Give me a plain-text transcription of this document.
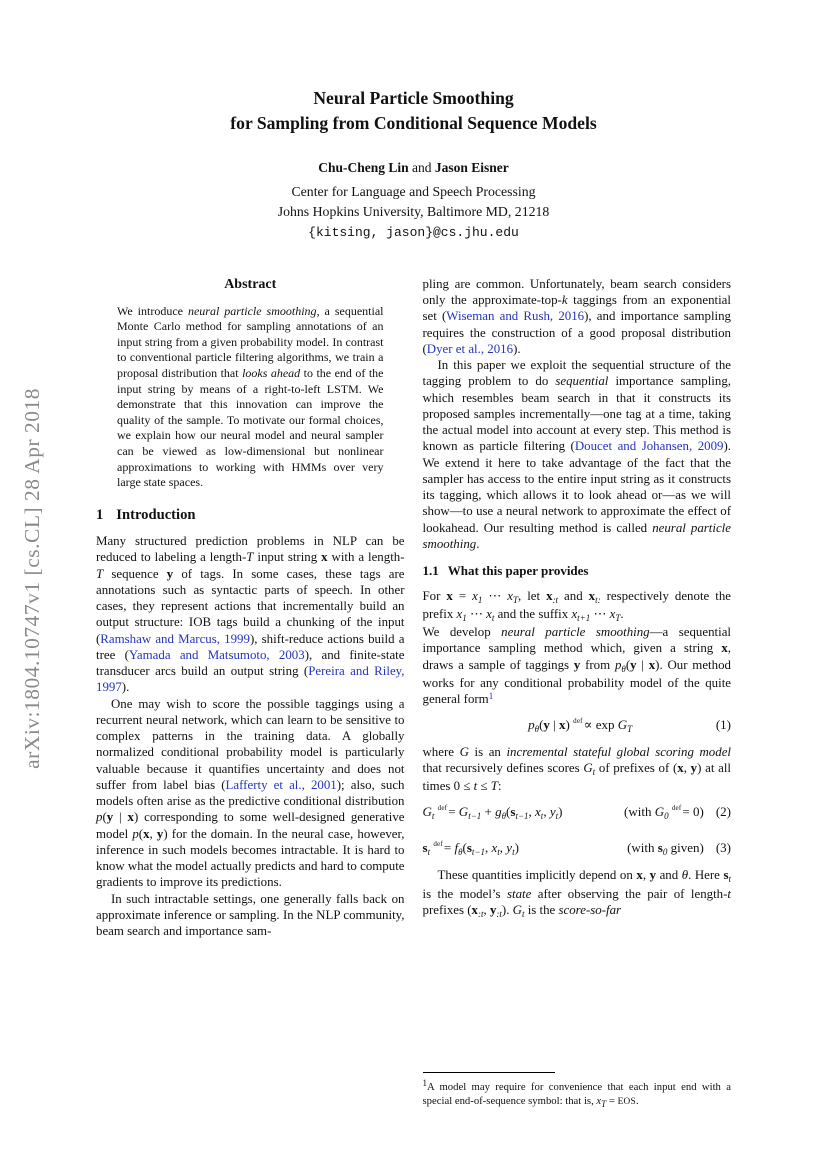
arXiv:1804.10747v1 [cs.CL] 28 Apr 2018
Neural Particle Smoothing
for Sampling from Conditional Sequence Models
Chu-Cheng Lin and Jason Eisner
Center for Language and Speech Processing
Johns Hopkins University, Baltimore MD, 21218
{kitsing, jason}@cs.jhu.edu
Abstract

We introduce neural particle smoothing, a sequential Monte Carlo method for sampling annotations of an input string from a given probability model. In contrast to conventional particle filtering algorithms, we train a proposal distribution that looks ahead to the end of the input string by means of a right-to-left LSTM. We demonstrate that this innovation can improve the quality of the sample. To motivate our formal choices, we explain how our neural model and neural sampler can be viewed as low-dimensional but nonlinear approximations to working with HMMs over very large state spaces.

1 Introduction

Many structured prediction problems in NLP can be reduced to labeling a length-T input string x with a length-T sequence y of tags. In some cases, these tags are annotations such as syntactic parts of speech. In other cases, they represent actions that incrementally build an output structure: IOB tags build a chunking of the input (Ramshaw and Marcus, 1999), shift-reduce actions build a tree (Yamada and Matsumoto, 2003), and finite-state transducer arcs build an output string (Pereira and Riley, 1997).

One may wish to score the possible taggings using a recurrent neural network, which can learn to be sensitive to complex patterns in the training data. A globally normalized conditional probability model is particularly valuable because it quantifies uncertainty and does not suffer from label bias (Lafferty et al., 2001); also, such models often arise as the predictive conditional distribution p(y | x) corresponding to some well-designed generative model p(x, y) for the domain. In the neural case, however, inference in such models becomes intractable. It is hard to know what the model actually predicts and hard to compute gradients to improve its predictions.

In such intractable settings, one generally falls back on approximate inference or sampling. In the NLP community, beam search and importance sam-

pling are common. Unfortunately, beam search considers only the approximate-top-k taggings from an exponential set (Wiseman and Rush, 2016), and importance sampling requires the construction of a good proposal distribution (Dyer et al., 2016).

In this paper we exploit the sequential structure of the tagging problem to do sequential importance sampling, which resembles beam search in that it constructs its proposed samples incrementally—one tag at a time, taking the actual model into account at every step. This method is known as particle filtering (Doucet and Johansen, 2009). We extend it here to take advantage of the fact that the sampler has access to the entire input string as it constructs its tagging, which allows it to look ahead or—as we will show—to use a neural network to approximate the effect of lookahead. Our resulting method is called neural particle smoothing.

1.1 What this paper provides

For $x = x_1$ ⋯ $x_T$, let $x_{:t}$ and $x_{t:}$ respectively denote the prefix $x_1$ ⋯ $x_t$ and the suffix $x_{t+1}$ ⋯ $x_T$.

We develop neural particle smoothing—a sequential importance sampling method which, given a string x, draws a sample of taggings y from $p_\theta(y$ | x). Our method works for any conditional probability model of the quite general form$^1$

$p_\theta(y$ | x) $^{def}\propto \exp G_T$	(1)

where G is an incremental stateful global scoring model that recursively defines scores $G_t$ of prefixes of (x, y) at all times 0 ≤ t ≤ T:

$G_t$ $^{def}= G_{t-1} + g_\theta(s_{t-1}$, $x_t$, $y_t$)	(with $G_0$ $^{def}$= 0) (2)
$s_t$ $^{def}= f_\theta(s_{t-1}$, $x_t$, $y_t$)	(with $s_0$ given) (3)

These quantities implicitly depend on x, y and θ. Here $s_t$ is the model’s state after observing the pair of length-t prefixes ($x_{:t}$, $y_{:t}$). $G_t$ is the score-so-far

$^1$A model may require for convenience that each input end with a special end-of-sequence symbol: that is, $x_T$ = EOS.
